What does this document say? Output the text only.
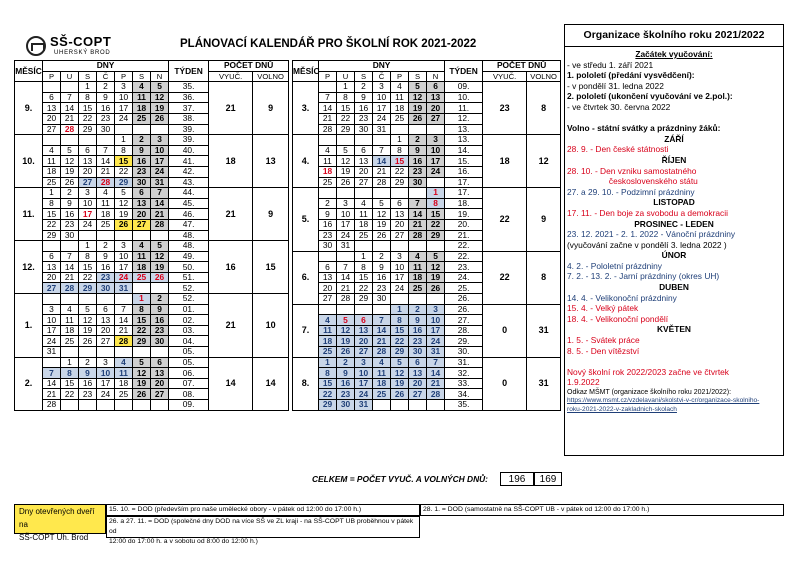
SŠ-COPT
UHERSKÝ BROD
PLÁNOVACÍ KALENDÁŘ PRO ŠKOLNÍ ROK 2021-2022
MĚSÍC	DNY							TÝDEN	POČET DNŮ	
	P	U	S	Č	P	S	N		VYUČ.	VOLNO
9.			1	2	3	4	5	35.	21	9
	6	7	8	9	10	11	12	36.		
	13	14	15	16	17	18	19	37.		
	20	21	22	23	24	25	26	38.		
	27	28	29	30				39.		
10.					1	2	3	39.	18	13
	4	5	6	7	8	9	10	40.		
	11	12	13	14	15	16	17	41.		
	18	19	20	21	22	23	24	42.		
	25	26	27	28	29	30	31	43.		
11.	1	2	3	4	5	6	7	44.	21	9
	8	9	10	11	12	13	14	45.		
	15	16	17	18	19	20	21	46.		
	22	23	24	25	26	27	28	47.		
	29	30						48.		
12.			1	2	3	4	5	48.	16	15
	6	7	8	9	10	11	12	49.		
	13	14	15	16	17	18	19	50.		
	20	21	22	23	24	25	26	51.		
	27	28	29	30	31			52.		
1.						1	2	52.	21	10
	3	4	5	6	7	8	9	01.		
	10	11	12	13	14	15	16	02.		
	17	18	19	20	21	22	23	03.		
	24	25	26	27	28	29	30	04.		
	31							05.		
2.		1	2	3	4	5	6	05.	14	14
	7	8	9	10	11	12	13	06.		
	14	15	16	17	18	19	20	07.		
	21	22	23	24	25	26	27	08.		
	28							09.		
MĚSÍC	DNY							TÝDEN	POČET DNŮ	
	P	U	S	Č	P	S	N		VYUČ.	VOLNO
3.		1	2	3	4	5	6	09.	23	8
	7	8	9	10	11	12	13	10.		
	14	15	16	17	18	19	20	11.		
	21	22	23	24	25	26	27	12.		
	28	29	30	31				13.		
4.					1	2	3	13.	18	12
	4	5	6	7	8	9	10	14.		
	11	12	13	14	15	16	17	15.		
	18	19	20	21	22	23	24	16.		
	25	26	27	28	29	30		17.		
5.							1	17.	22	9
	2	3	4	5	6	7	8	18.		
	9	10	11	12	13	14	15	19.		
	16	17	18	19	20	21	22	20.		
	23	24	25	26	27	28	29	21.		
	30	31						22.		
6.			1	2	3	4	5	22.	22	8
	6	7	8	9	10	11	12	23.		
	13	14	15	16	17	18	19	24.		
	20	21	22	23	24	25	26	25.		
	27	28	29	30				26.		
7.					1	2	3	26.	0	31
	4	5	6	7	8	9	10	27.		
	11	12	13	14	15	16	17	28.		
	18	19	20	21	22	23	24	29.		
	25	26	27	28	29	30	31	30.		
8.	1	2	3	4	5	6	7	31.	0	31
	8	9	10	11	12	13	14	32.		
	15	16	17	18	19	20	21	33.		
	22	23	24	25	26	27	28	34.		
	29	30	31					35.		
CELKEM = POČET VYUČ. A VOLNÝCH DNŮ:	196	169
Organizace školního roku 2021/2022
Začátek vyučování:
- ve středu 1. září 2021
1. pololetí (předání vysvědčení):
- v pondělí 31. ledna 2022
2. pololetí (ukončení vyučování ve 2.pol.):
- ve čtvrtek 30. června 2022

Volno - státní svátky a prázdniny žáků:
ZÁŘÍ
28. 9. - Den české státnosti
ŘÍJEN
28. 10. - Den vzniku samostatného
československého státu
27. a 29. 10. - Podzimní prázdniny
LISTOPAD
17. 11. - Den boje za svobodu a demokracii
PROSINEC - LEDEN
23. 12. 2021 - 2. 1. 2022 - Vánoční prázdniny
(vyučování začne v pondělí 3. ledna 2022 )
ÚNOR
4. 2. - Pololetní prázdniny
7. 2. - 13. 2. - Jarní prázdniny (okres UH)
DUBEN
14. 4. - Velikonoční prázdniny
15. 4. - Velký pátek
18. 4. - Velikonoční pondělí
KVĚTEN
1. 5. - Svátek práce
8. 5. - Den vítězství

Nový školní rok 2022/2023 začne ve čtvrtek
1.9.2022
Odkaz MŠMT (organizace školního roku 2021/2022):
https://www.msmt.cz/vzdelavani/skolstvi-v-cr/organizace-skolniho-
roku-2021-2022-v-zakladnich-skolach
Dny otevřených dveří na
SŠ-COPT Uh. Brod
15. 10. = DOD (především pro naše umělecké obory - v pátek od 12:00 do 17:00 h.)
26. a 27. 11. = DOD (společné dny DOD na více SŠ ve ZL kraji - na SŠ-COPT UB proběhnou v pátek od
12:00 do 17:00 h. a v sobotu od 8:00 do 12:00 h.)
28. 1. = DOD (samostatně na SŠ-COPT UB - v pátek od 12:00 do 17:00 h.)
